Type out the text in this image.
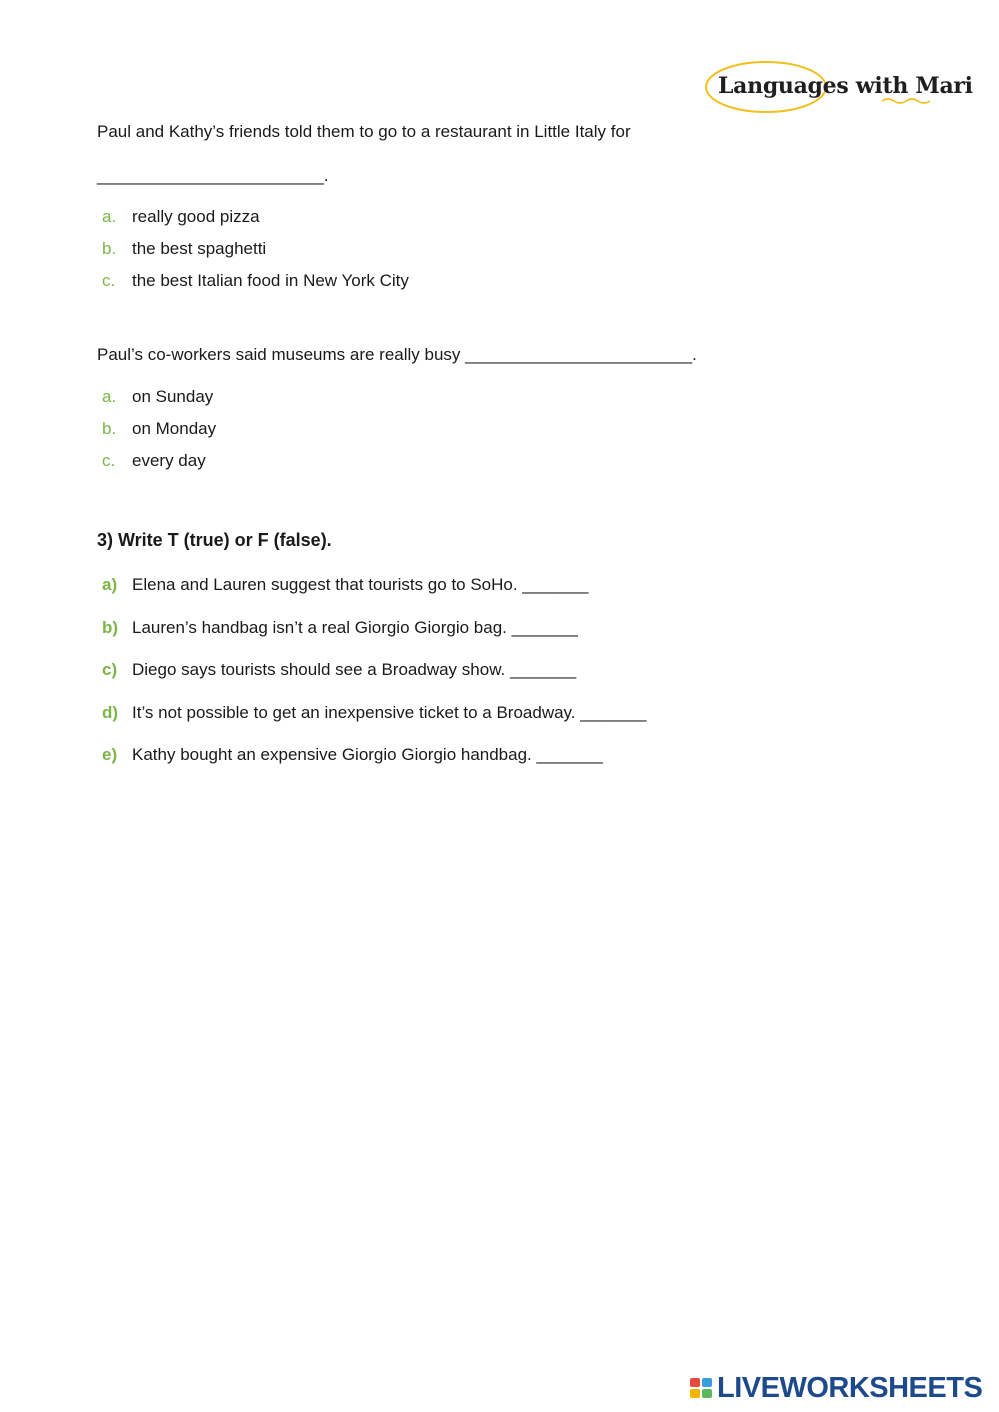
Languages with Mari
Paul and Kathy’s friends told them to go to a restaurant in Little Italy for
________________________.
a. really good pizza
b. the best spaghetti
c. the best Italian food in New York City
Paul’s co-workers said museums are really busy ________________________.
a. on Sunday
b. on Monday
c. every day
3) Write T (true) or F (false).
a) Elena and Lauren suggest that tourists go to SoHo. _______
b) Lauren’s handbag isn’t a real Giorgio Giorgio bag. _______
c) Diego says tourists should see a Broadway show. _______
d) It’s not possible to get an inexpensive ticket to a Broadway. _______
e) Kathy bought an expensive Giorgio Giorgio handbag. _______
LIVEWORKSHEETS
